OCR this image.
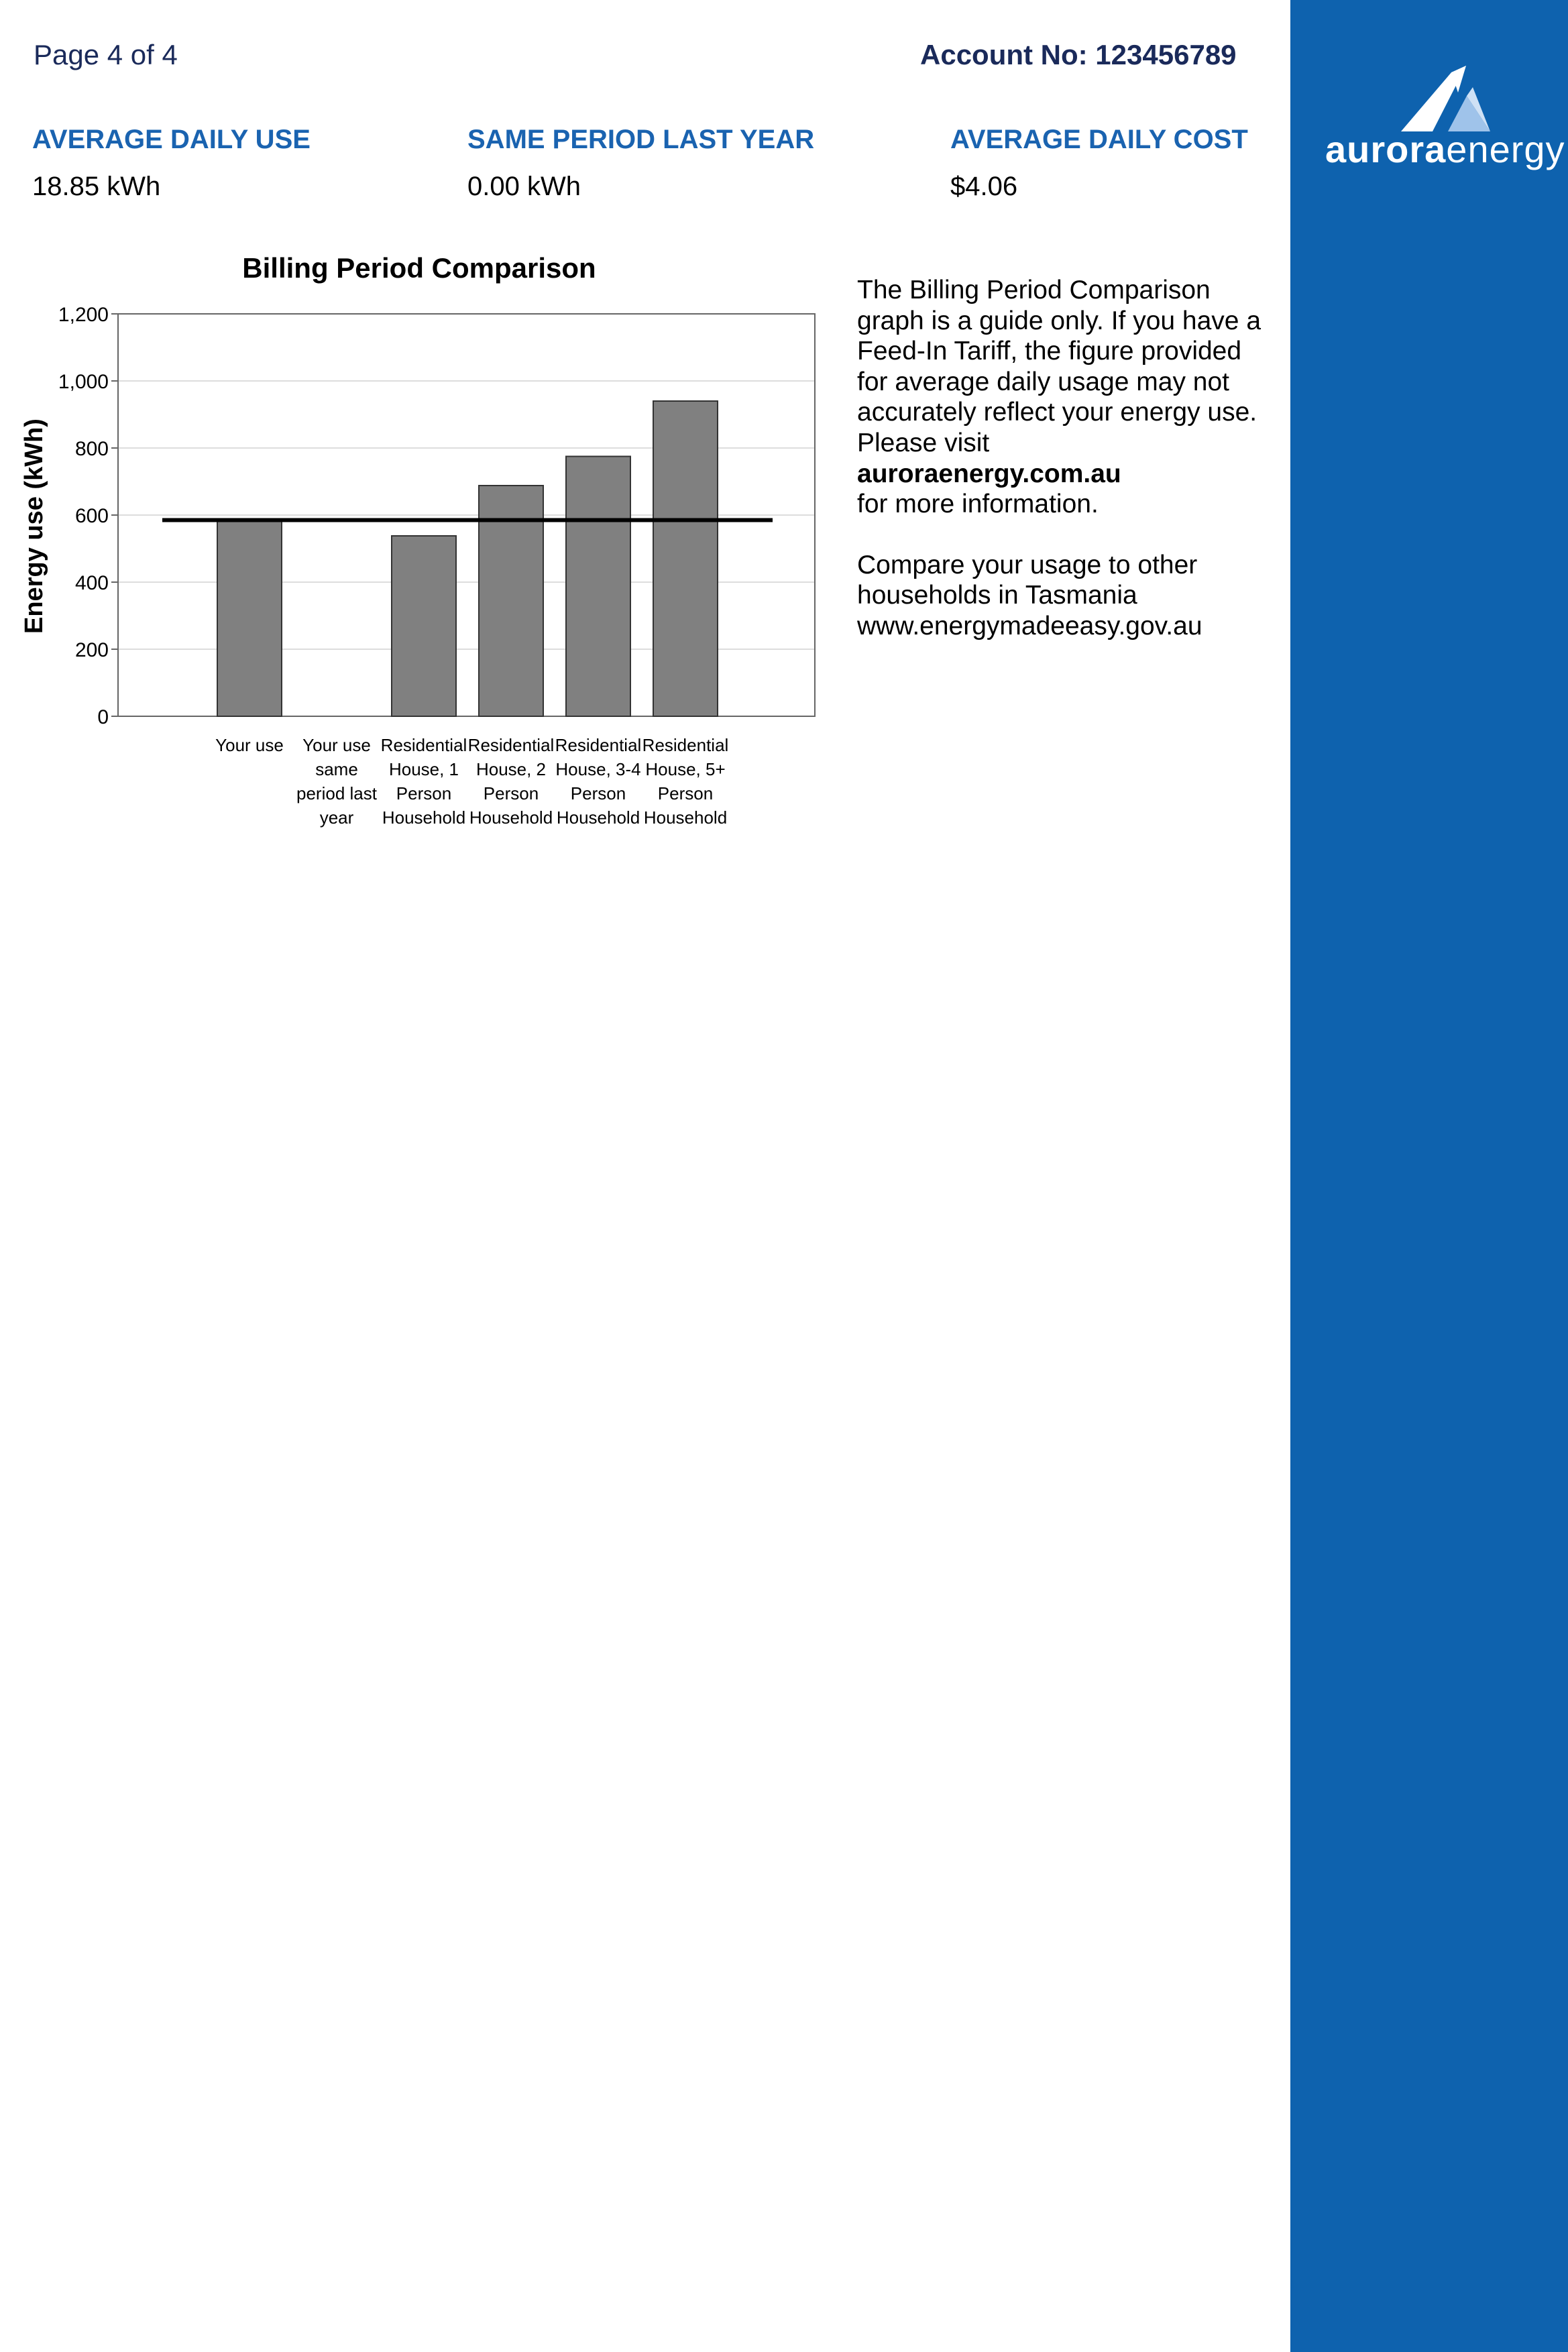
auroraenergy
Page 4 of 4	Account No: 123456789
AVERAGE DAILY USE
18.85 kWh
SAME PERIOD LAST YEAR
0.00 kWh
AVERAGE DAILY COST
$4.06
Billing Period Comparison
Energy use (kWh)
0
200
400
600
800
1,000
1,200
Your use	Your use same period last year
Residential House, 1 Person Household
Residential House, 2 Person Household
Residential House, 3-4 Person Household
Residential House, 5+ Person Household

The Billing Period Comparison graph is a guide only. If you have a Feed-In Tariff, the figure provided for average daily usage may not accurately reflect your energy use. Please visit

auroraenergy.com.au

for more information.

Compare your usage to other households in Tasmania

www.energymadeeasy.gov.au
